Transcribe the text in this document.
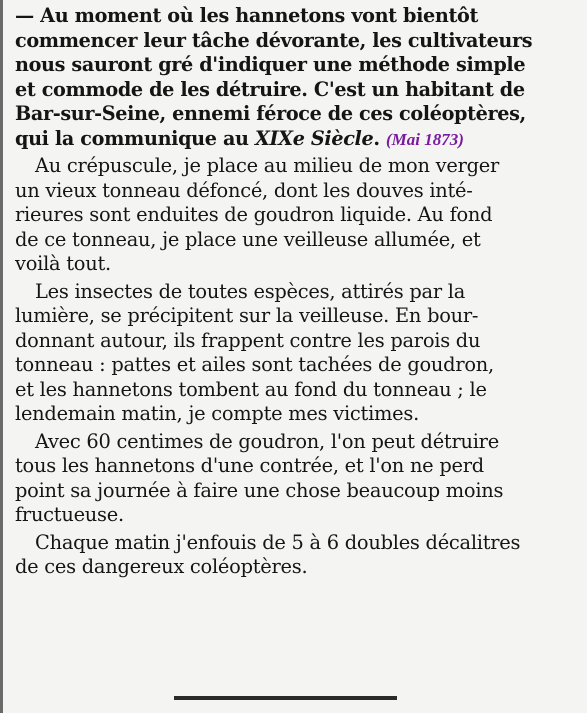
— Au moment où les hannetons vont bientôt
commencer leur tâche dévorante, les cultivateurs
nous sauront gré d'indiquer une méthode simple
et commode de les détruire. C'est un habitant de
Bar-sur-Seine, ennemi féroce de ces coléoptères,
qui la communique au XIXe Siècle. (Mai 1873)
Au crépuscule, je place au milieu de mon verger
un vieux tonneau défoncé, dont les douves inté-
rieures sont enduites de goudron liquide. Au fond
de ce tonneau, je place une veilleuse allumée, et
voilà tout.
Les insectes de toutes espèces, attirés par la
lumière, se précipitent sur la veilleuse. En bour-
donnant autour, ils frappent contre les parois du
tonneau : pattes et ailes sont tachées de goudron,
et les hannetons tombent au fond du tonneau ; le
lendemain matin, je compte mes victimes.
Avec 60 centimes de goudron, l'on peut détruire
tous les hannetons d'une contrée, et l'on ne perd
point sa journée à faire une chose beaucoup moins
fructueuse.
Chaque matin j'enfouis de 5 à 6 doubles décalitres
de ces dangereux coléoptères.
